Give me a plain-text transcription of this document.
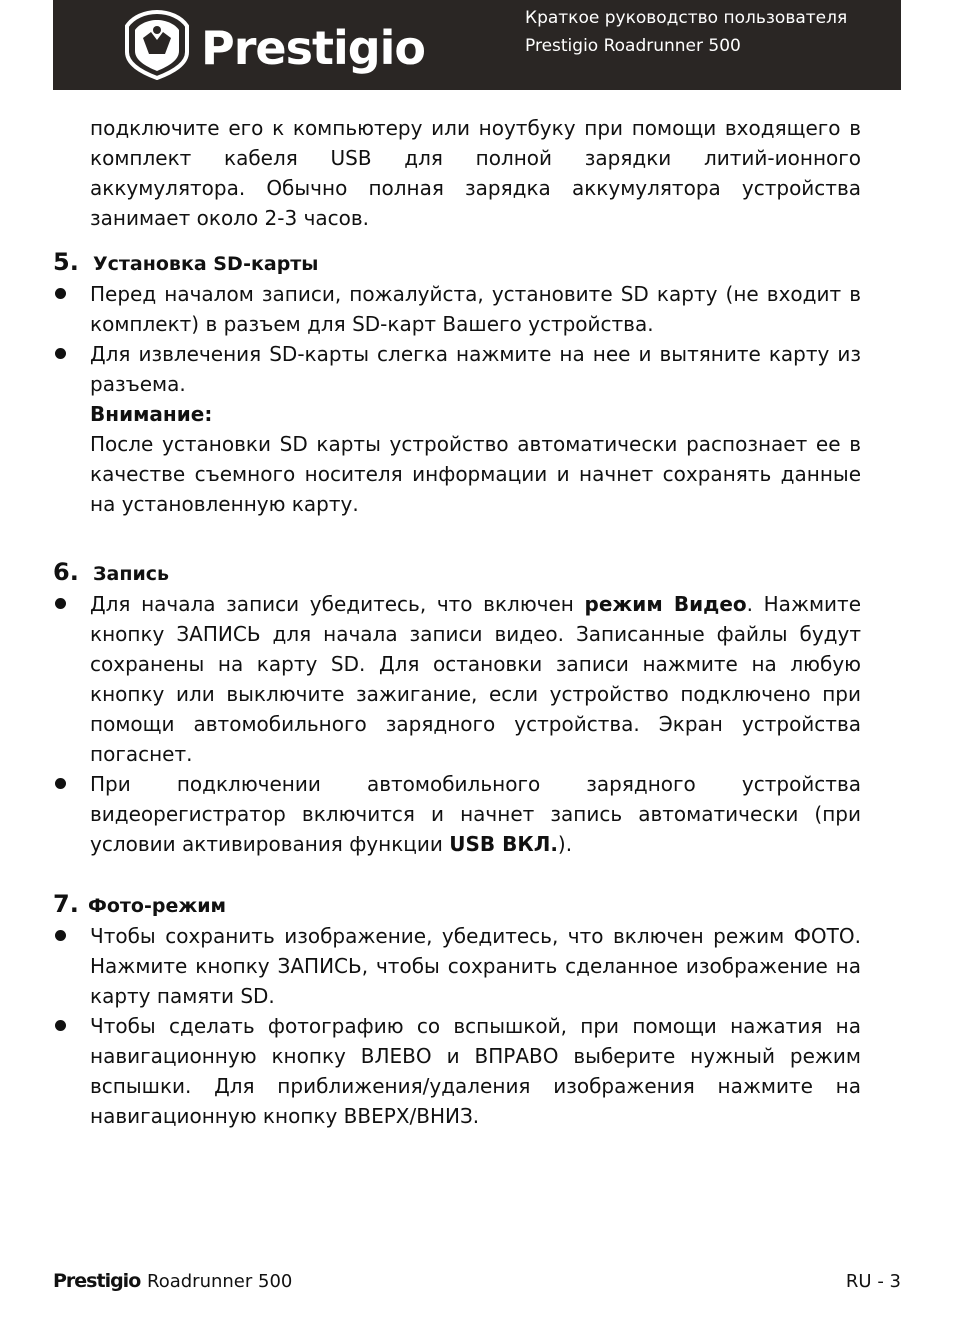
Prestigio
Краткое руководство пользователя
Prestigio Roadrunner 500

подключите его к компьютеру или ноутбуку при помощи входящего в комплект кабеля USB для полной зарядки литий-ионного аккумулятора. Обычно полная зарядка аккумулятора устройства занимает около 2-3 часов.

5. Установка SD-карты
Перед началом записи, пожалуйста, установите SD карту (не входит в комплект) в разъем для SD-карт Вашего устройства.
Для извлечения SD-карты слегка нажмите на нее и вытяните карту из разъема.
Внимание:
После установки SD карты устройство автоматически распознает ее в качестве съемного носителя информации и начнет сохранять данные на установленную карту.
6. Запись
Для начала записи убедитесь, что включен режим Видео. Нажмите кнопку ЗАПИСЬ для начала записи видео. Записанные файлы будут сохранены на карту SD. Для остановки записи нажмите на любую кнопку или выключите зажигание, если устройство подключено при помощи автомобильного зарядного устройства. Экран устройства погаснет.
При подключении автомобильного зарядного устройства видеорегистратор включится и начнет запись автоматически (при условии активирования функции USB ВКЛ.).
7. Фото-режим
Чтобы сохранить изображение, убедитесь, что включен режим ФОТО. Нажмите кнопку ЗАПИСЬ, чтобы сохранить сделанное изображение на карту памяти SD.
Чтобы сделать фотографию со вспышкой, при помощи нажатия на навигационную кнопку ВЛЕВО и ВПРАВО выберите нужный режим вспышки. Для приближения/удаления изображения нажмите на навигационную кнопку ВВЕРХ/ВНИЗ.
Prestigio Roadrunner 500	RU - 3
